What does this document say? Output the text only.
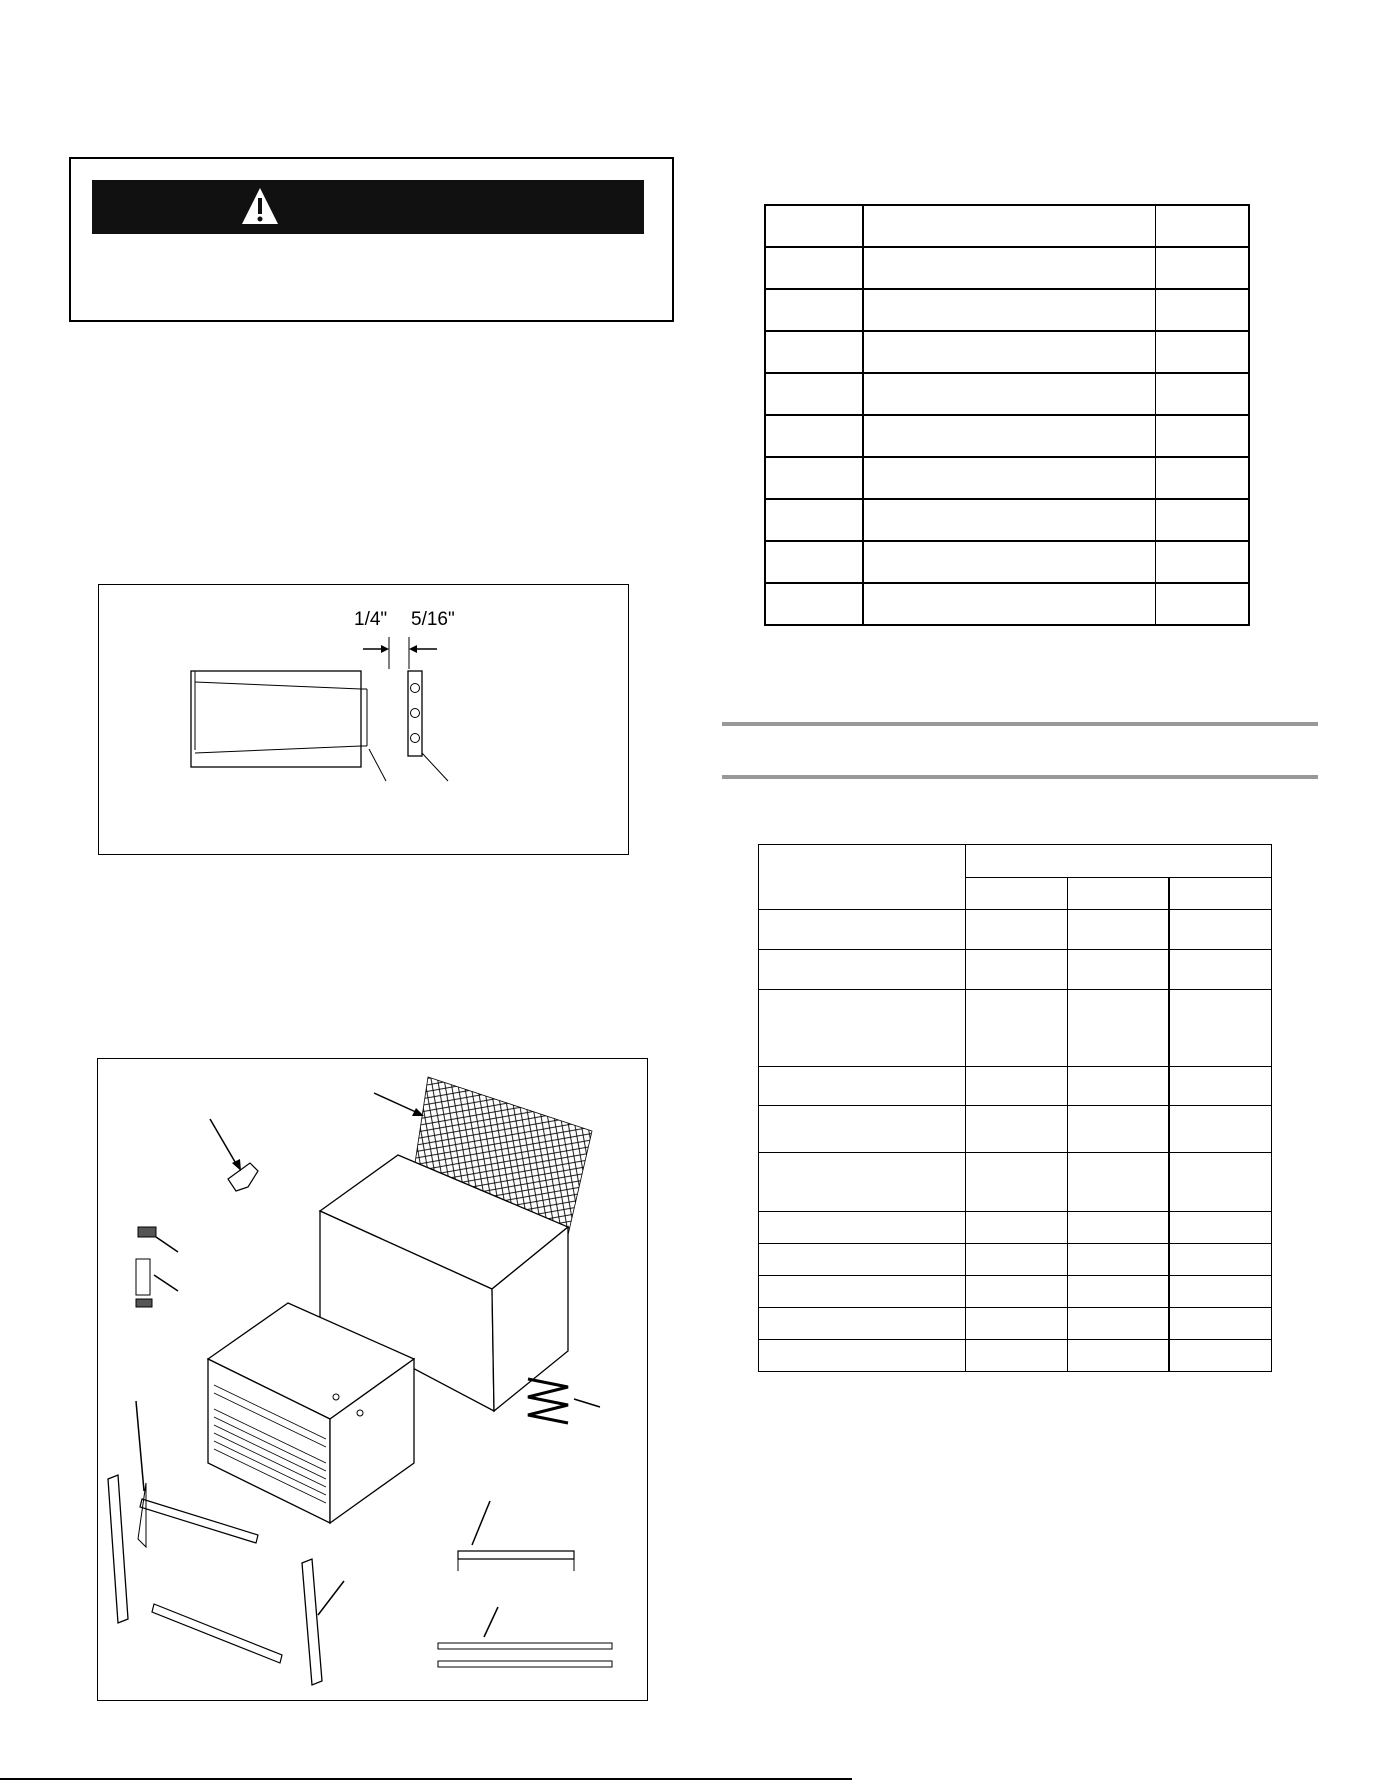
1/4" 5/16"
